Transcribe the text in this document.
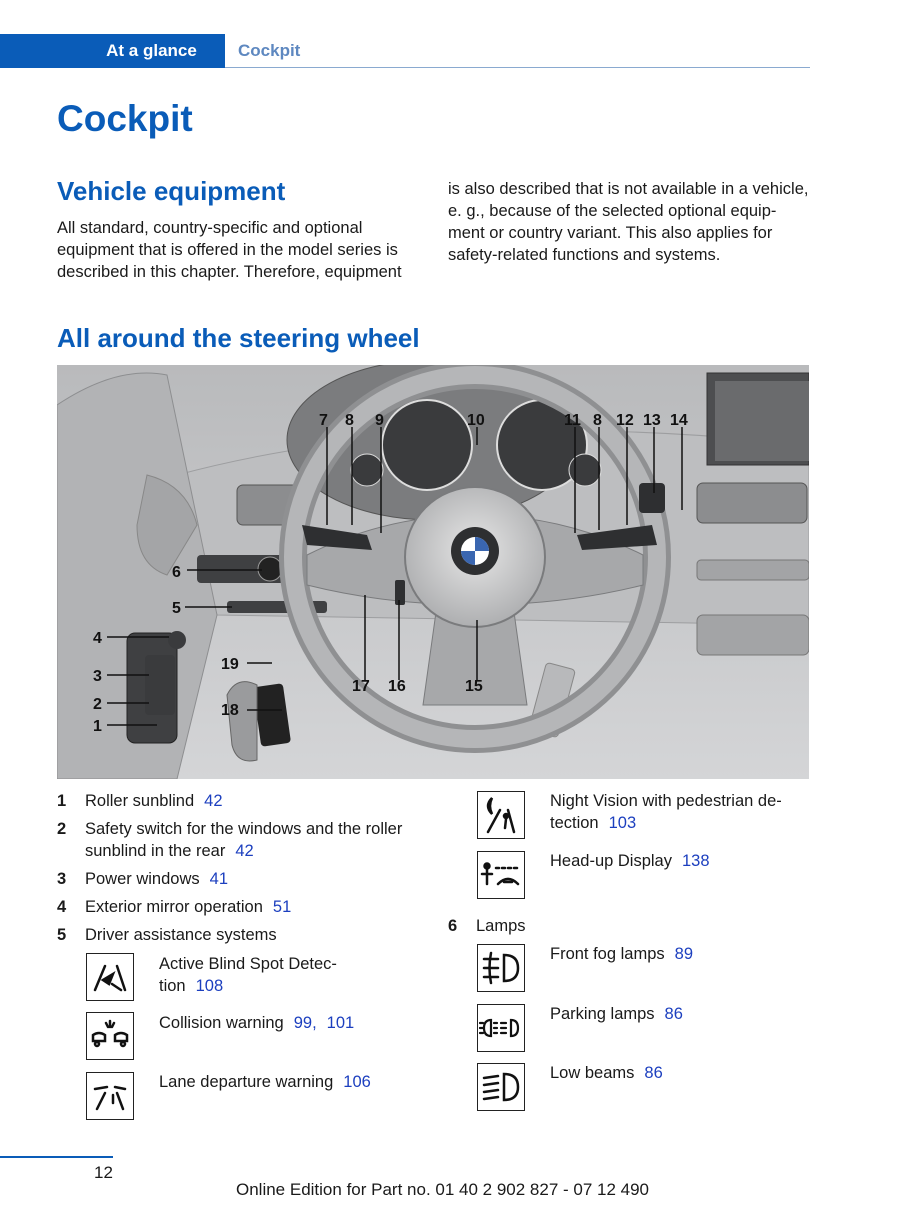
At a glance	Cockpit
Cockpit
Vehicle equipment
All standard, country-specific and optional
equipment that is offered in the model series is
described in this chapter. Therefore, equipment
is also described that is not available in a vehicle,
e. g., because of the selected optional equip-
ment or country variant. This also applies for
safety-related functions and systems.
All around the steering wheel
7 8 9	10	11 8 12 13 14
6
5
4
3
2
1
19
18
17 16	15
1 Roller sunblind 42
2 Safety switch for the windows and the roller
sunblind in the rear 42
3 Power windows 41
4 Exterior mirror operation 51
5 Driver assistance systems
Active Blind Spot Detec-
tion 108
Collision warning 99, 101
Lane departure warning 106
Night Vision with pedestrian de-
tection 103
Head-up Display 138
6 Lamps
Front fog lamps 89
Parking lamps 86
Low beams 86
12
Online Edition for Part no. 01 40 2 902 827 - 07 12 490
